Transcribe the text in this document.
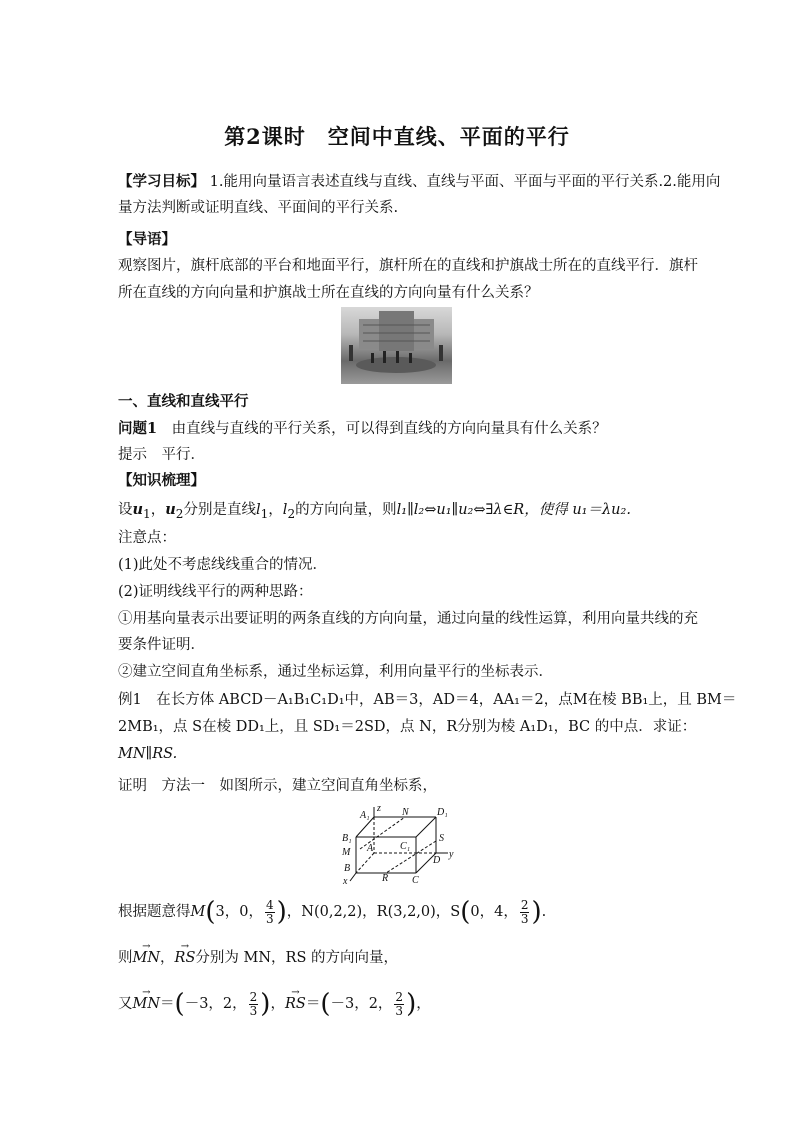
第2课时　空间中直线、平面的平行
【学习目标】 1.能用向量语言表述直线与直线、直线与平面、平面与平面的平行关系.2.能用向
量方法判断或证明直线、平面间的平行关系.
【导语】
观察图片，旗杆底部的平台和地面平行，旗杆所在的直线和护旗战士所在的直线平行．旗杆
所在直线的方向向量和护旗战士所在直线的方向向量有什么关系？
一、直线和直线平行
问题1　由直线与直线的平行关系，可以得到直线的方向向量具有什么关系？
提示　平行．
【知识梳理】
设$u_1$，$u_2$分别是直线$l_1$，$l_2$的方向向量，则l₁∥l₂⇔u₁∥u₂⇔∃λ∈R，使得 u₁＝λu₂.
注意点：
(1)此处不考虑线线重合的情况．
(2)证明线线平行的两种思路：
①用基向量表示出要证明的两条直线的方向向量，通过向量的线性运算，利用向量共线的充
要条件证明．
②建立空间直角坐标系，通过坐标运算，利用向量平行的坐标表示．
例1　在长方体 ABCD－A₁B₁C₁D₁中，AB＝3，AD＝4，AA₁＝2，点M在棱 BB₁上，且 BM＝
2MB₁，点 S在棱 DD₁上，且 SD₁＝2SD，点 N，R分别为棱 A₁D₁，BC 的中点．求证：
MN∥RS.
证明　方法一　如图所示，建立空间直角坐标系，
A₁
z N	D₁
B₁
C₁
S
M A
D
y
B
R C
x
根据题意得M(3，0， $\frac{4}{3}$ )，N(0,2,2)，R(3,2,0)，S(0，4， $\frac{2}{3}$ ).
则→ MN，→ RS分别为 MN，RS 的方向向量，
又→ MN＝(－3，2， $\frac{2}{3}$ )，→ RS＝(－3，2， $\frac{2}{3}$ )，
